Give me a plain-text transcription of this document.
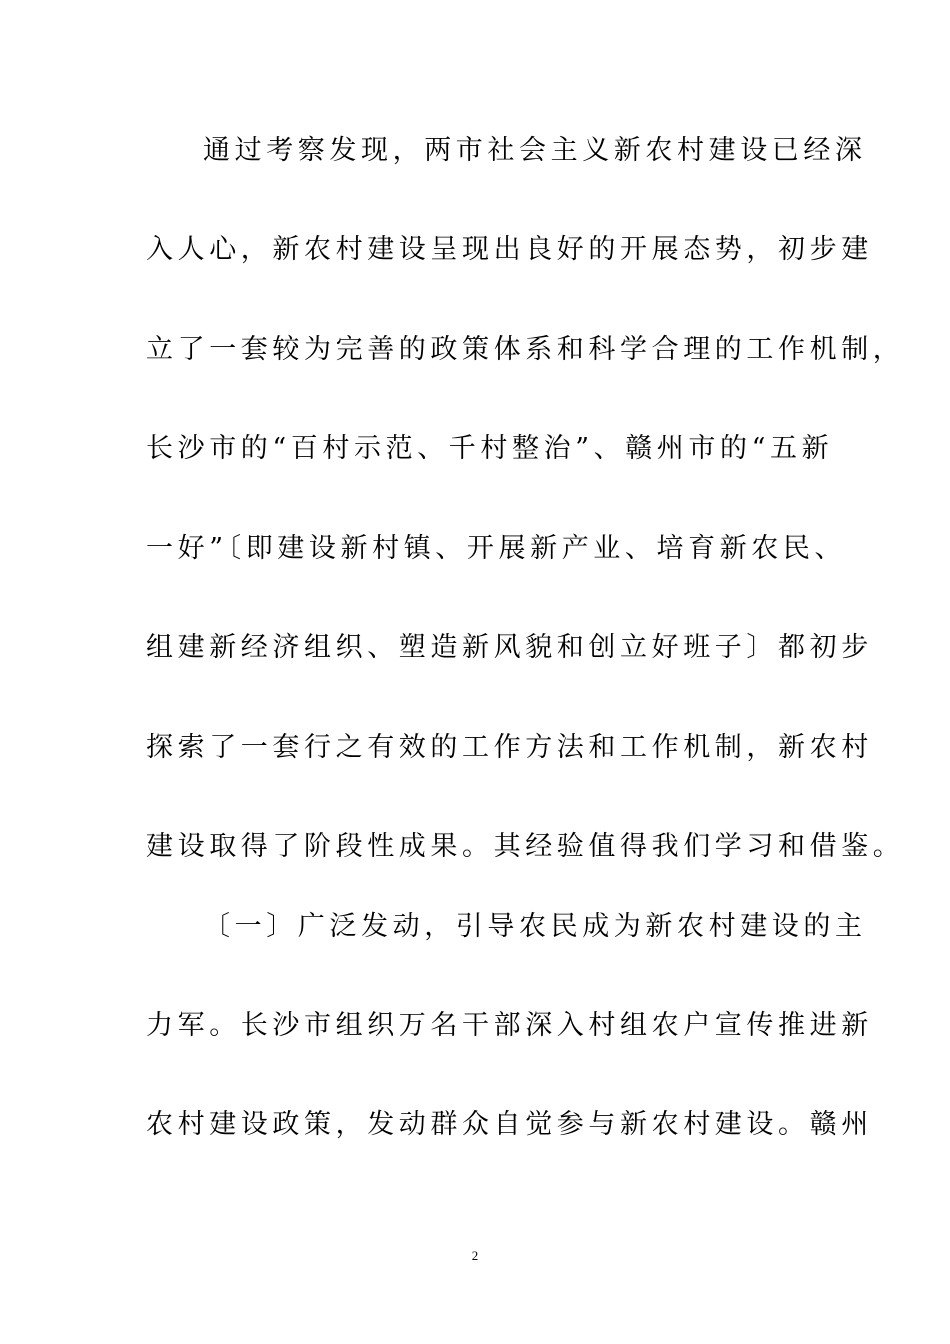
通过考察发现，两市社会主义新农村建设已经深
入人心，新农村建设呈现出良好的开展态势，初步建
立了一套较为完善的政策体系和科学合理的工作机制，
长沙市的“百村示范、千村整治”、赣州市的“五新
一好”〔即建设新村镇、开展新产业、培育新农民、
组建新经济组织、塑造新风貌和创立好班子〕都初步
探索了一套行之有效的工作方法和工作机制，新农村
建设取得了阶段性成果。其经验值得我们学习和借鉴。
〔一〕广泛发动，引导农民成为新农村建设的主
力军。长沙市组织万名干部深入村组农户宣传推进新
农村建设政策，发动群众自觉参与新农村建设。赣州
2
